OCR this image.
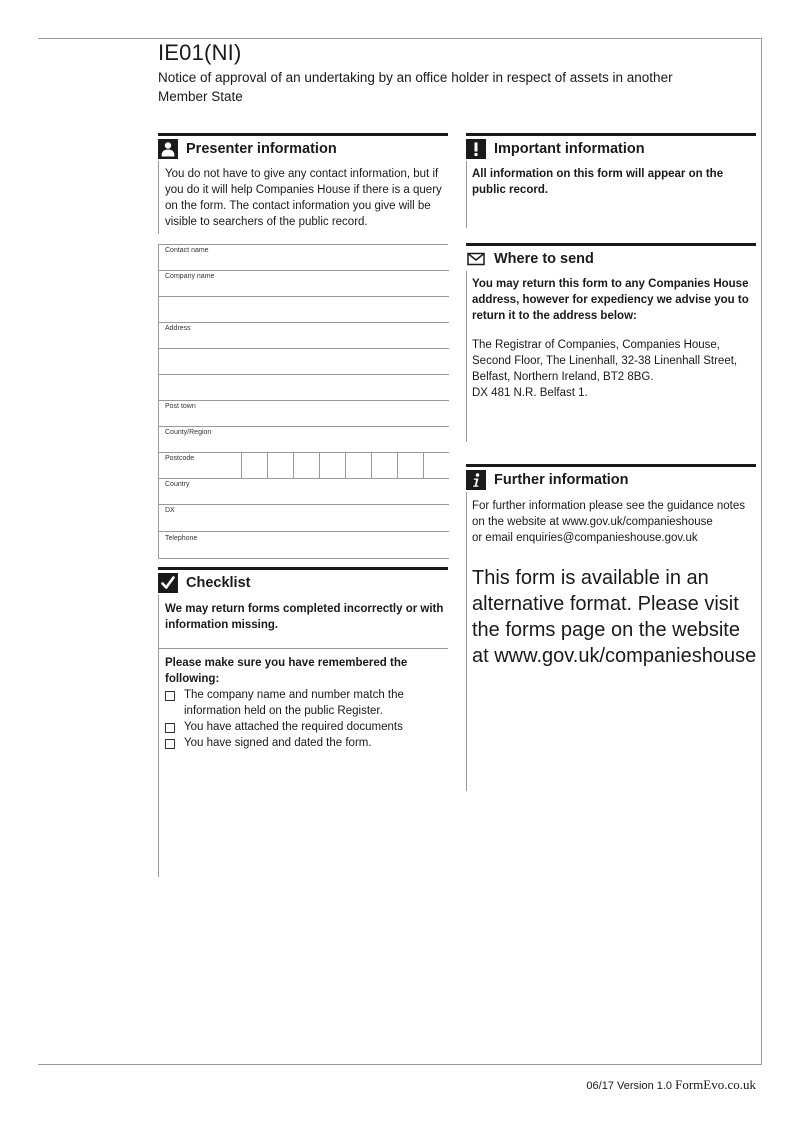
IE01(NI)
Notice of approval of an undertaking by an office holder in respect of assets in another Member State
Presenter information
You do not have to give any contact information, but if you do it will help Companies House if there is a query on the form. The contact information you give will be visible to searchers of the public record.
Contact name
Company name
Address
Post town
County/Region
Postcode
Country
DX
Telephone
Checklist
We may return forms completed incorrectly or with information missing.
Please make sure you have remembered the following:
The company name and number match the information held on the public Register.
You have attached the required documents
You have signed and dated the form.
Important information
All information on this form will appear on the public record.
Where to send
You may return this form to any Companies House address, however for expediency we advise you to return it to the address below:
The Registrar of Companies, Companies House,
Second Floor, The Linenhall, 32-38 Linenhall Street,
Belfast, Northern Ireland, BT2 8BG.
DX 481 N.R. Belfast 1.
Further information
For further information please see the guidance notes
on the website at www.gov.uk/companieshouse
or email enquiries@companieshouse.gov.uk
This form is available in an alternative format. Please visit the forms page on the website at www.gov.uk/companieshouse
06/17 Version 1.0 FormEvo.co.uk
